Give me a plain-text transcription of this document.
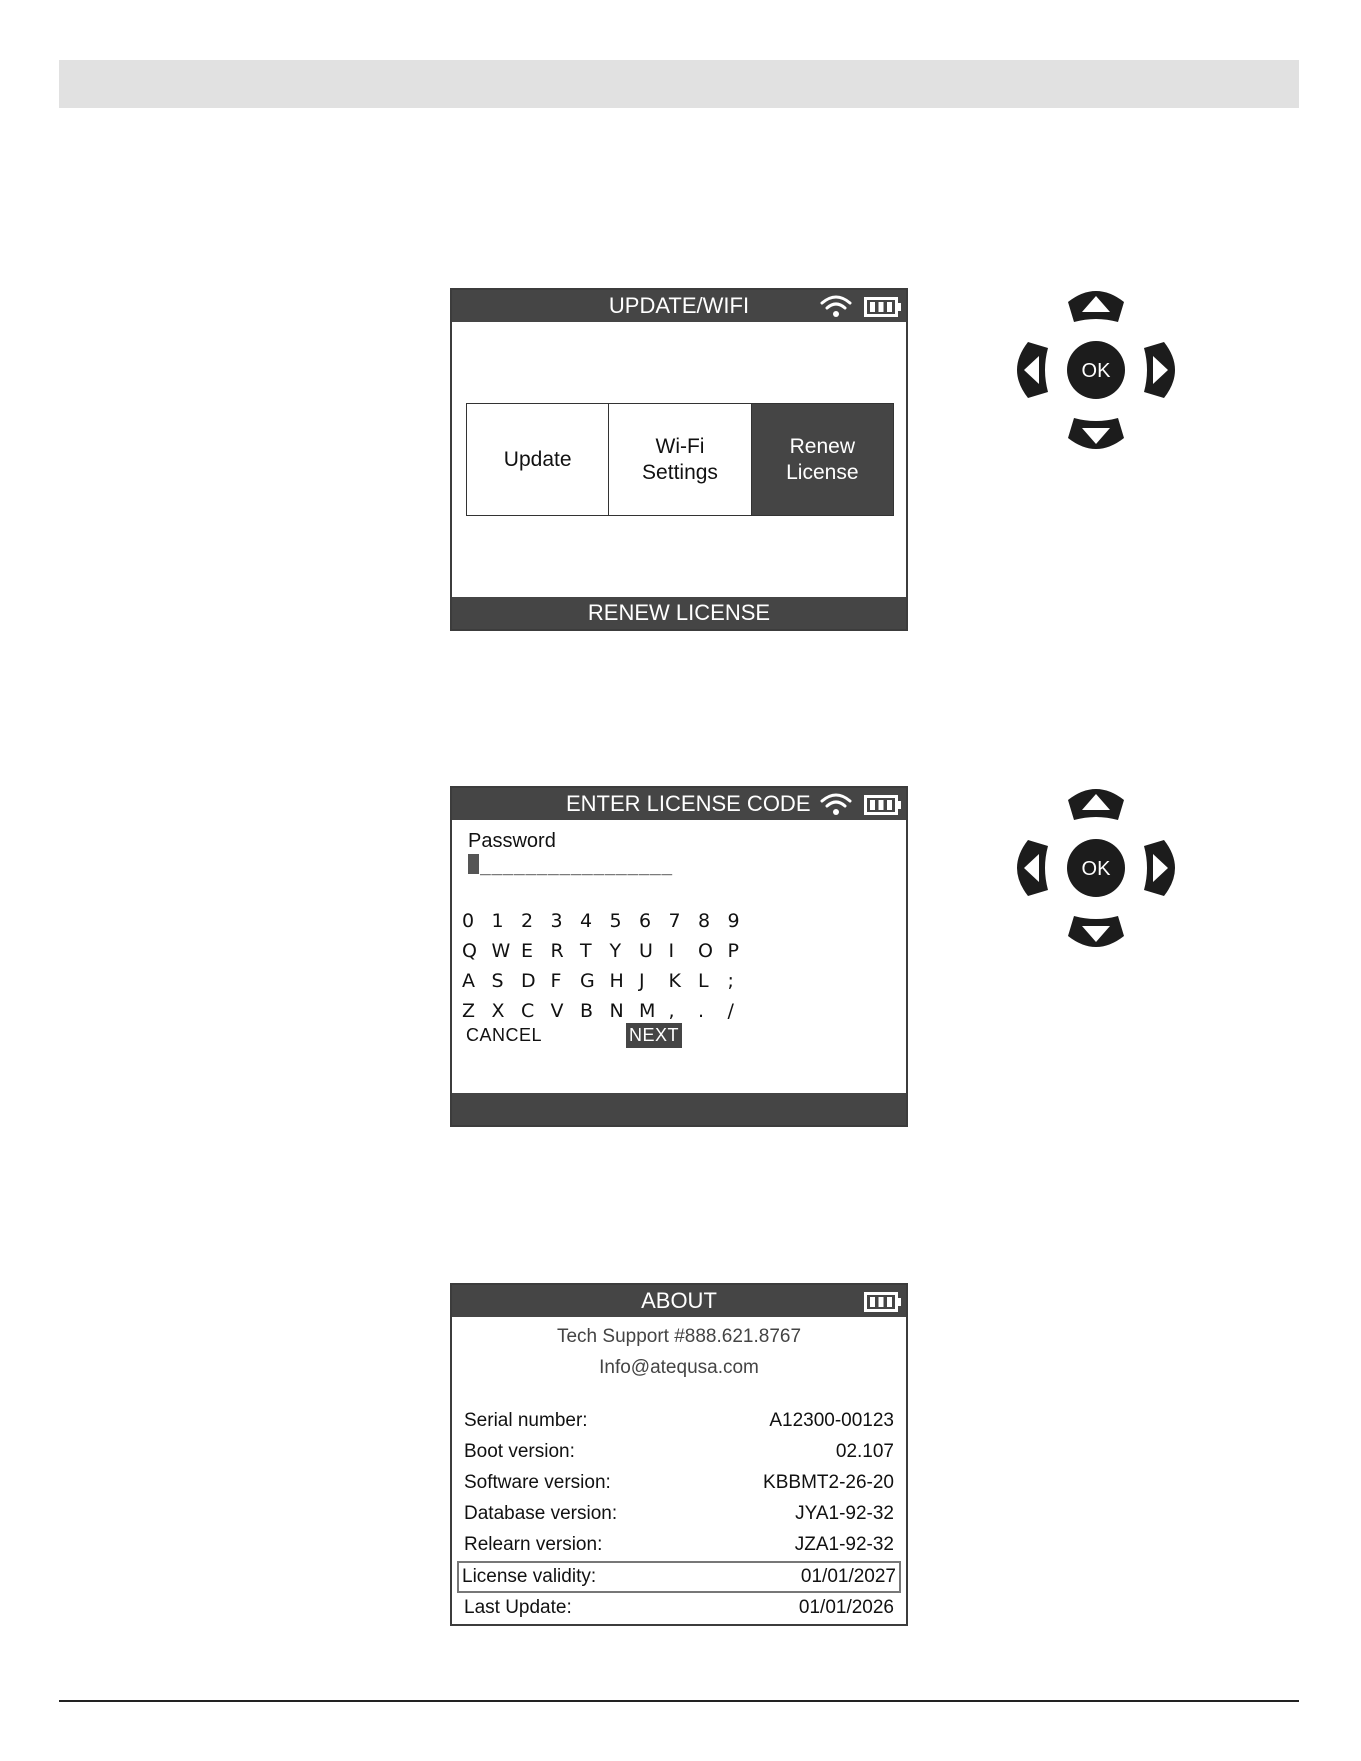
UPDATE/WIFI
Update
Wi-Fi
Settings
Renew
License
RENEW LICENSE
OK
ENTER LICENSE CODE
Password
_________________
0 1 2 3 4 5 6 7 8 9
Q W E R T Y U I	O P
A S D F G H J	K L ;
Z X C V B N M ,	.	/
CANCEL	NEXT
OK
ABOUT
Tech Support #888.621.8767
Info@atequsa.com
Serial number:	A12300-00123
Boot version:	02.107
Software version:	KBBMT2-26-20
Database version:	JYA1-92-32
Relearn version:	JZA1-92-32
License validity:	01/01/2027
Last Update:	01/01/2026
